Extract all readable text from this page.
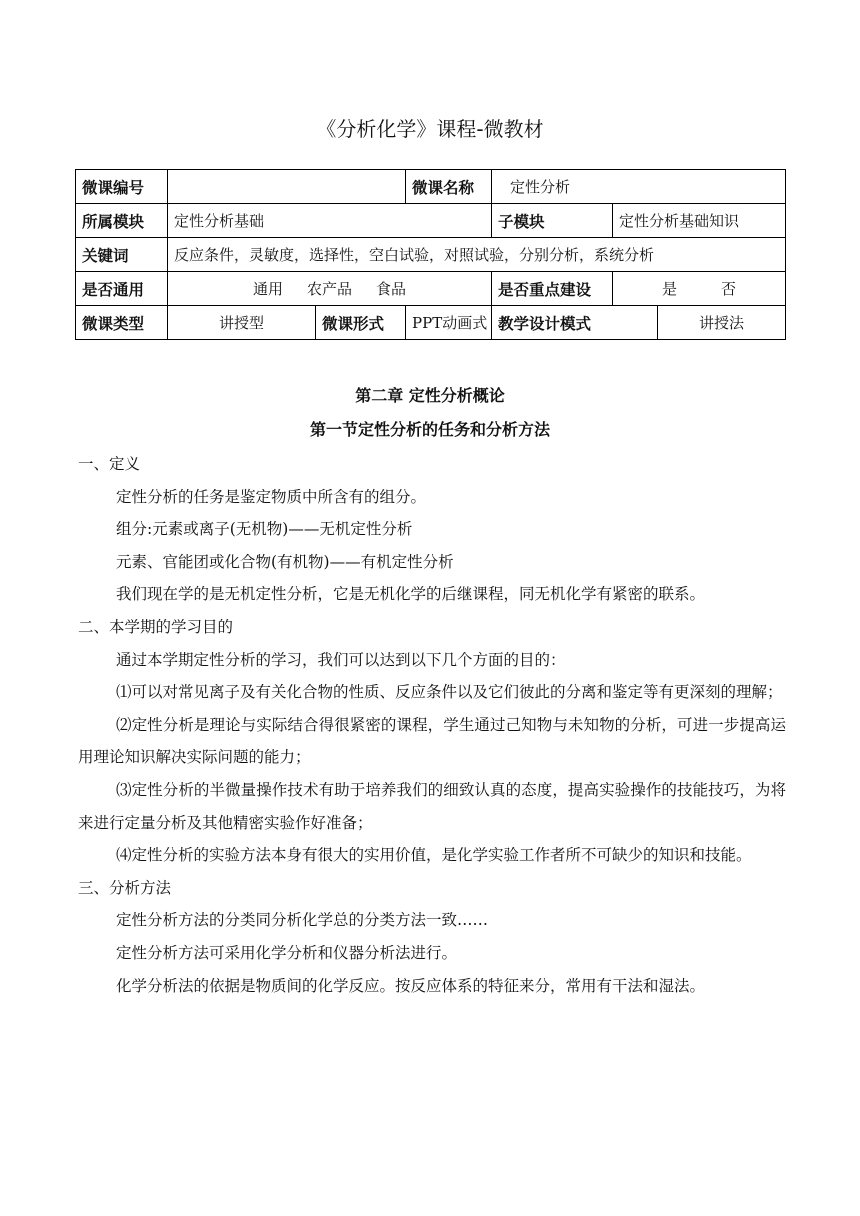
《分析化学》课程-微教材
微课编号			微课名称	定性分析		
所属模块	定性分析基础			子模块	定性分析基础知识	
关键词	反应条件，灵敏度，选择性，空白试验，对照试验，分别分析，系统分析					
是否通用	通用 农产品 食品			是否重点建设	是 否	
微课类型	讲授型	微课形式	PPT动画式	教学设计模式		讲授法
第二章 定性分析概论
第一节定性分析的任务和分析方法

一、定义

定性分析的任务是鉴定物质中所含有的组分。

组分:元素或离子(无机物)——无机定性分析

元素、官能团或化合物(有机物)——有机定性分析

我们现在学的是无机定性分析，它是无机化学的后继课程，同无机化学有紧密的联系。

二、本学期的学习目的

通过本学期定性分析的学习，我们可以达到以下几个方面的目的：

⑴可以对常见离子及有关化合物的性质、反应条件以及它们彼此的分离和鉴定等有更深刻的理解；

⑵定性分析是理论与实际结合得很紧密的课程，学生通过己知物与未知物的分析，可进一步提高运用理论知识解决实际问题的能力；

⑶定性分析的半微量操作技术有助于培养我们的细致认真的态度，提高实验操作的技能技巧，为将来进行定量分析及其他精密实验作好准备；

⑷定性分析的实验方法本身有很大的实用价值，是化学实验工作者所不可缺少的知识和技能。

三、分析方法

定性分析方法的分类同分析化学总的分类方法一致……

定性分析方法可采用化学分析和仪器分析法进行。

化学分析法的依据是物质间的化学反应。按反应体系的特征来分，常用有干法和湿法。
